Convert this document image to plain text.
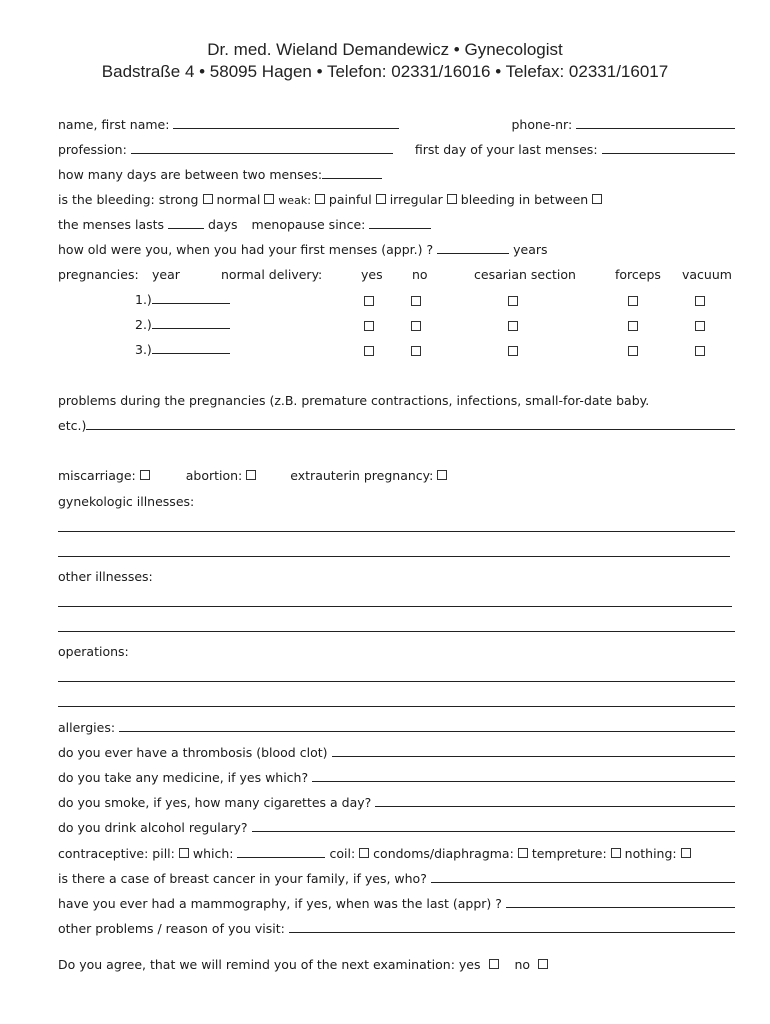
Dr. med. Wieland Demandewicz • Gynecologist
Badstraße 4 • 58095 Hagen • Telefon: 02331/16016 • Telefax: 02331/16017
name, first name:	phone-nr:
profession:	first day of your last menses:
how many days are between two menses:
is the bleeding:
strong normal weak: painful irregular bleeding in between
the menses lasts	days menopause since:
how old were you, when you had your first menses (appr.) ?	years
pregnancies: year	normal delivery:	yes no	cesarian section	forceps vacuum
1.)
2.)
3.)
problems during the pregnancies (z.B. premature contractions, infections, small-for-date baby.
etc.)
miscarriage:	abortion:	extrauterin pregnancy:
gynekologic illnesses:
other illnesses:
operations:
allergies:
do you ever have a thrombosis (blood clot)
do you take any medicine, if yes which?
do you smoke, if yes, how many cigarettes a day?
do you drink alcohol regulary?
contraceptive: pill: which:	coil: condoms/diaphragma: tempreture: nothing:
is there a case of breast cancer in your family, if yes, who?
have you ever had a mammography, if yes, when was the last (appr) ?
other problems / reason of you visit:
Do you agree, that we will remind you of the next examination:
yes	no
